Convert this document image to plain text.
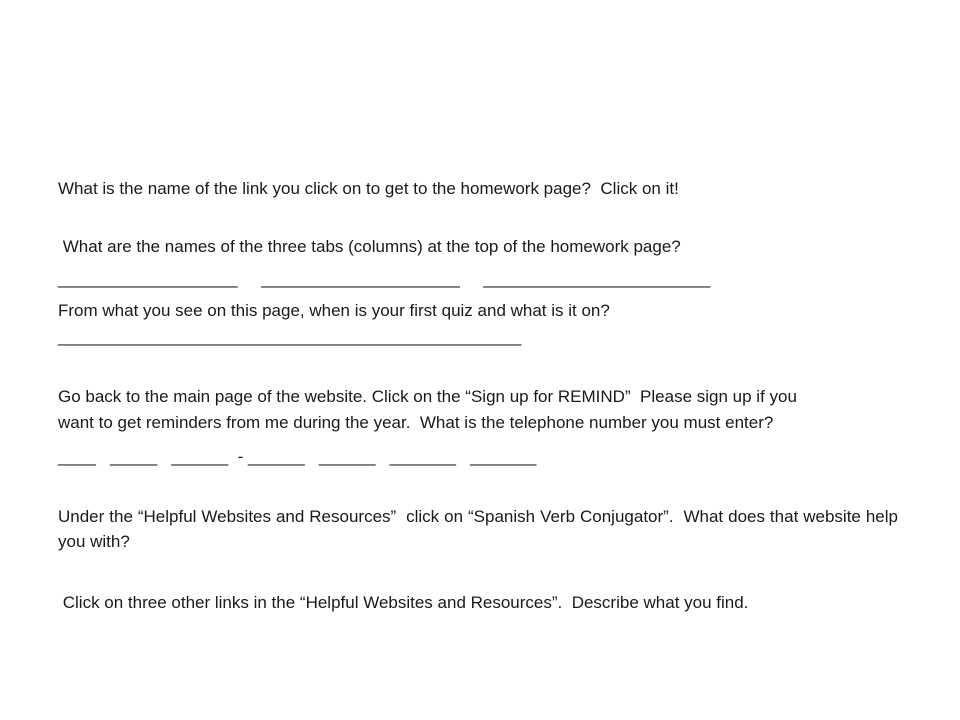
What is the name of the link you click on to get to the homework page?  Click on it!
What are the names of the three tabs (columns) at the top of the homework page?
___________________     _____________________     ________________________
From what you see on this page, when is your first quiz and what is it on?
_________________________________________________
Go back to the main page of the website. Click on the “Sign up for REMIND”  Please sign up if you
want to get reminders from me during the year.  What is the telephone number you must enter?
____   _____   ______  - ______   ______   _______   _______
Under the “Helpful Websites and Resources”  click on “Spanish Verb Conjugator”.  What does that website help you with?
Click on three other links in the “Helpful Websites and Resources”.  Describe what you find.
